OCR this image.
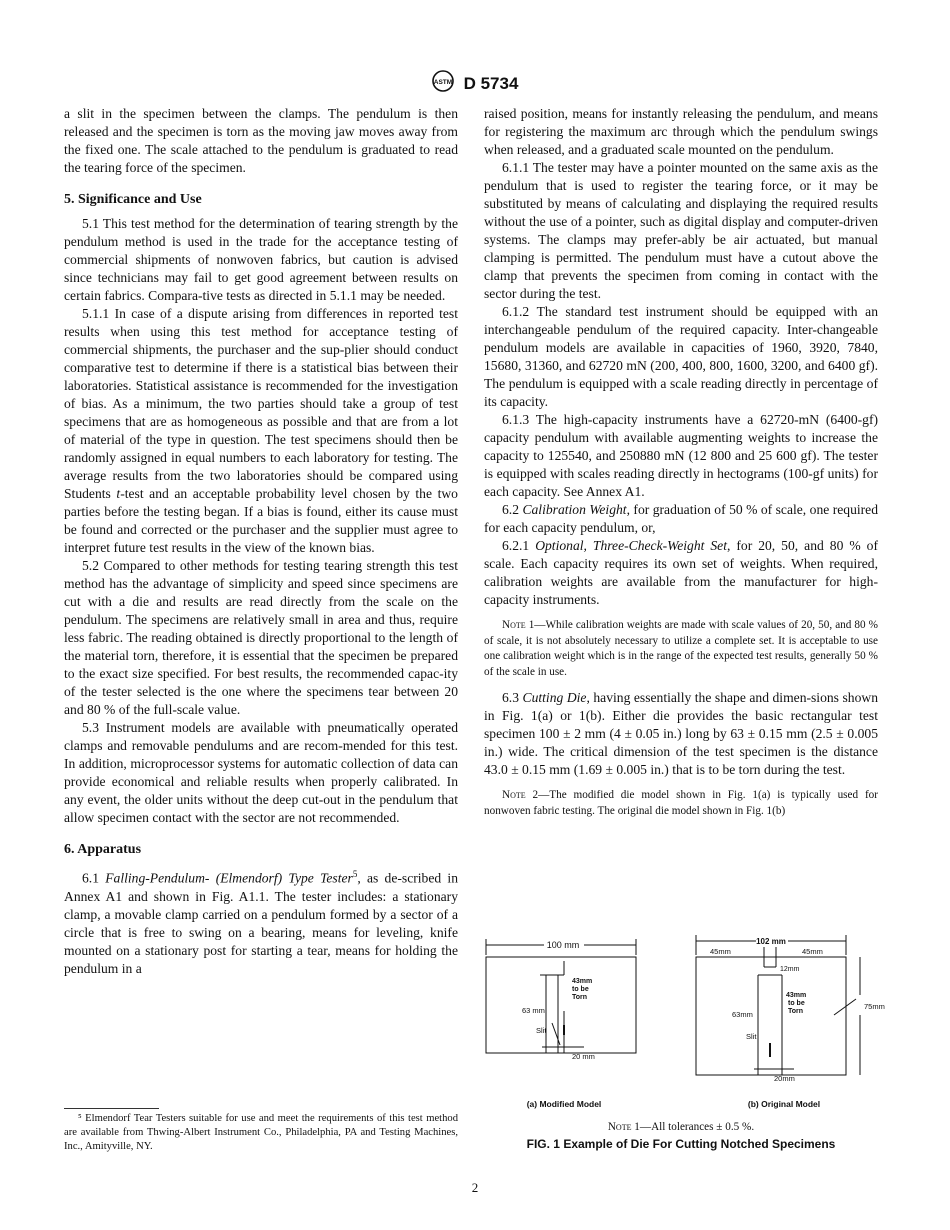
ASTM D 5734

a slit in the specimen between the clamps. The pendulum is then released and the specimen is torn as the moving jaw moves away from the fixed one. The scale attached to the pendulum is graduated to read the tearing force of the specimen.

5. Significance and Use

5.1 This test method for the determination of tearing strength by the pendulum method is used in the trade for the acceptance testing of commercial shipments of nonwoven fabrics, but caution is advised since technicians may fail to get good agreement between results on certain fabrics. Compara-tive tests as directed in 5.1.1 may be needed.

5.1.1 In case of a dispute arising from differences in reported test results when using this test method for acceptance testing of commercial shipments, the purchaser and the sup-plier should conduct comparative test to determine if there is a statistical bias between their laboratories. Statistical assistance is recommended for the investigation of bias. As a minimum, the two parties should take a group of test specimens that are as homogeneous as possible and that are from a lot of material of the type in question. The test specimens should then be randomly assigned in equal numbers to each laboratory for testing. The average results from the two laboratories should be compared using Students t-test and an acceptable probability level chosen by the two parties before the testing began. If a bias is found, either its cause must be found and corrected or the purchaser and the supplier must agree to interpret future test results in the view of the known bias.

5.2 Compared to other methods for testing tearing strength this test method has the advantage of simplicity and speed since specimens are cut with a die and results are read directly from the scale on the pendulum. The specimens are relatively small in area and thus, require less fabric. The reading obtained is directly proportional to the length of the material torn, therefore, it is essential that the specimen be prepared to the exact size specified. For best results, the recommended capac-ity of the tester selected is the one where the specimens tear between 20 and 80 % of the full-scale value.

5.3 Instrument models are available with pneumatically operated clamps and removable pendulums and are recom-mended for this test. In addition, microprocessor systems for automatic collection of data can provide economical and reliable results when properly calibrated. In any event, the older units without the deep cut-out in the pendulum that allow specimen contact with the sector are not recommended.

6. Apparatus

6.1 Falling-Pendulum- (Elmendorf) Type Tester$^5$, as de-scribed in Annex A1 and shown in Fig. A1.1. The tester includes: a stationary clamp, a movable clamp carried on a pendulum formed by a sector of a circle that is free to swing on a bearing, means for leveling, knife mounted on a stationary post for starting a tear, means for holding the pendulum in a

raised position, means for instantly releasing the pendulum, and means for registering the maximum arc through which the pendulum swings when released, and a graduated scale mounted on the pendulum.

6.1.1 The tester may have a pointer mounted on the same axis as the pendulum that is used to register the tearing force, or it may be substituted by means of calculating and displaying the required results without the use of a pointer, such as digital display and computer-driven systems. The clamps may prefer-ably be air actuated, but manual clamping is permitted. The pendulum must have a cutout above the clamp that prevents the specimen from coming in contact with the sector during the test.

6.1.2 The standard test instrument should be equipped with an interchangeable pendulum of the required capacity. Inter-changeable pendulum models are available in capacities of 1960, 3920, 7840, 15680, 31360, and 62720 mN (200, 400, 800, 1600, 3200, and 6400 gf). The pendulum is equipped with a scale reading directly in percentage of its capacity.

6.1.3 The high-capacity instruments have a 62720-mN (6400-gf) capacity pendulum with available augmenting weights to increase the capacity to 125540, and 250880 mN (12 800 and 25 600 gf). The tester is equipped with scales reading directly in hectograms (100-gf units) for each capacity. See Annex A1.

6.2 Calibration Weight, for graduation of 50 % of scale, one required for each capacity pendulum, or,

6.2.1 Optional, Three-Check-Weight Set, for 20, 50, and 80 % of scale. Each capacity requires its own set of weights. When required, calibration weights are available from the manufacturer for high-capacity instruments.

Note 1—While calibration weights are made with scale values of 20, 50, and 80 % of scale, it is not absolutely necessary to utilize a complete set. It is acceptable to use one calibration weight which is in the range of the expected test results, generally 50 % of the scale in use.

6.3 Cutting Die, having essentially the shape and dimen-sions shown in Fig. 1(a) or 1(b). Either die provides the basic rectangular test specimen 100 ± 2 mm (4 ± 0.05 in.) long by 63 ± 0.15 mm (2.5 ± 0.005 in.) wide. The critical dimension of the test specimen is the distance 43.0 ± 0.15 mm (1.69 ± 0.005 in.) that is to be torn during the test.

Note 2—The modified die model shown in Fig. 1(a) is typically used for nonwoven fabric testing. The original die model shown in Fig. 1(b)

100 mm
63 mm
43mm
to be
Torn
Slit
20 mm
(a) Modified Model
102 mm
45mm	45mm
12mm
63mm
43mm
to be
Torn
Slit
20mm
75mm
(b) Original Model
Note 1—All tolerances ± 0.5 %.
FIG. 1 Example of Die For Cutting Notched Specimens
⁵ Elmendorf Tear Testers suitable for use and meet the requirements of this test method are available from Thwing-Albert Instrument Co., Philadelphia, PA and Testing Machines, Inc., Amityville, NY.
2
